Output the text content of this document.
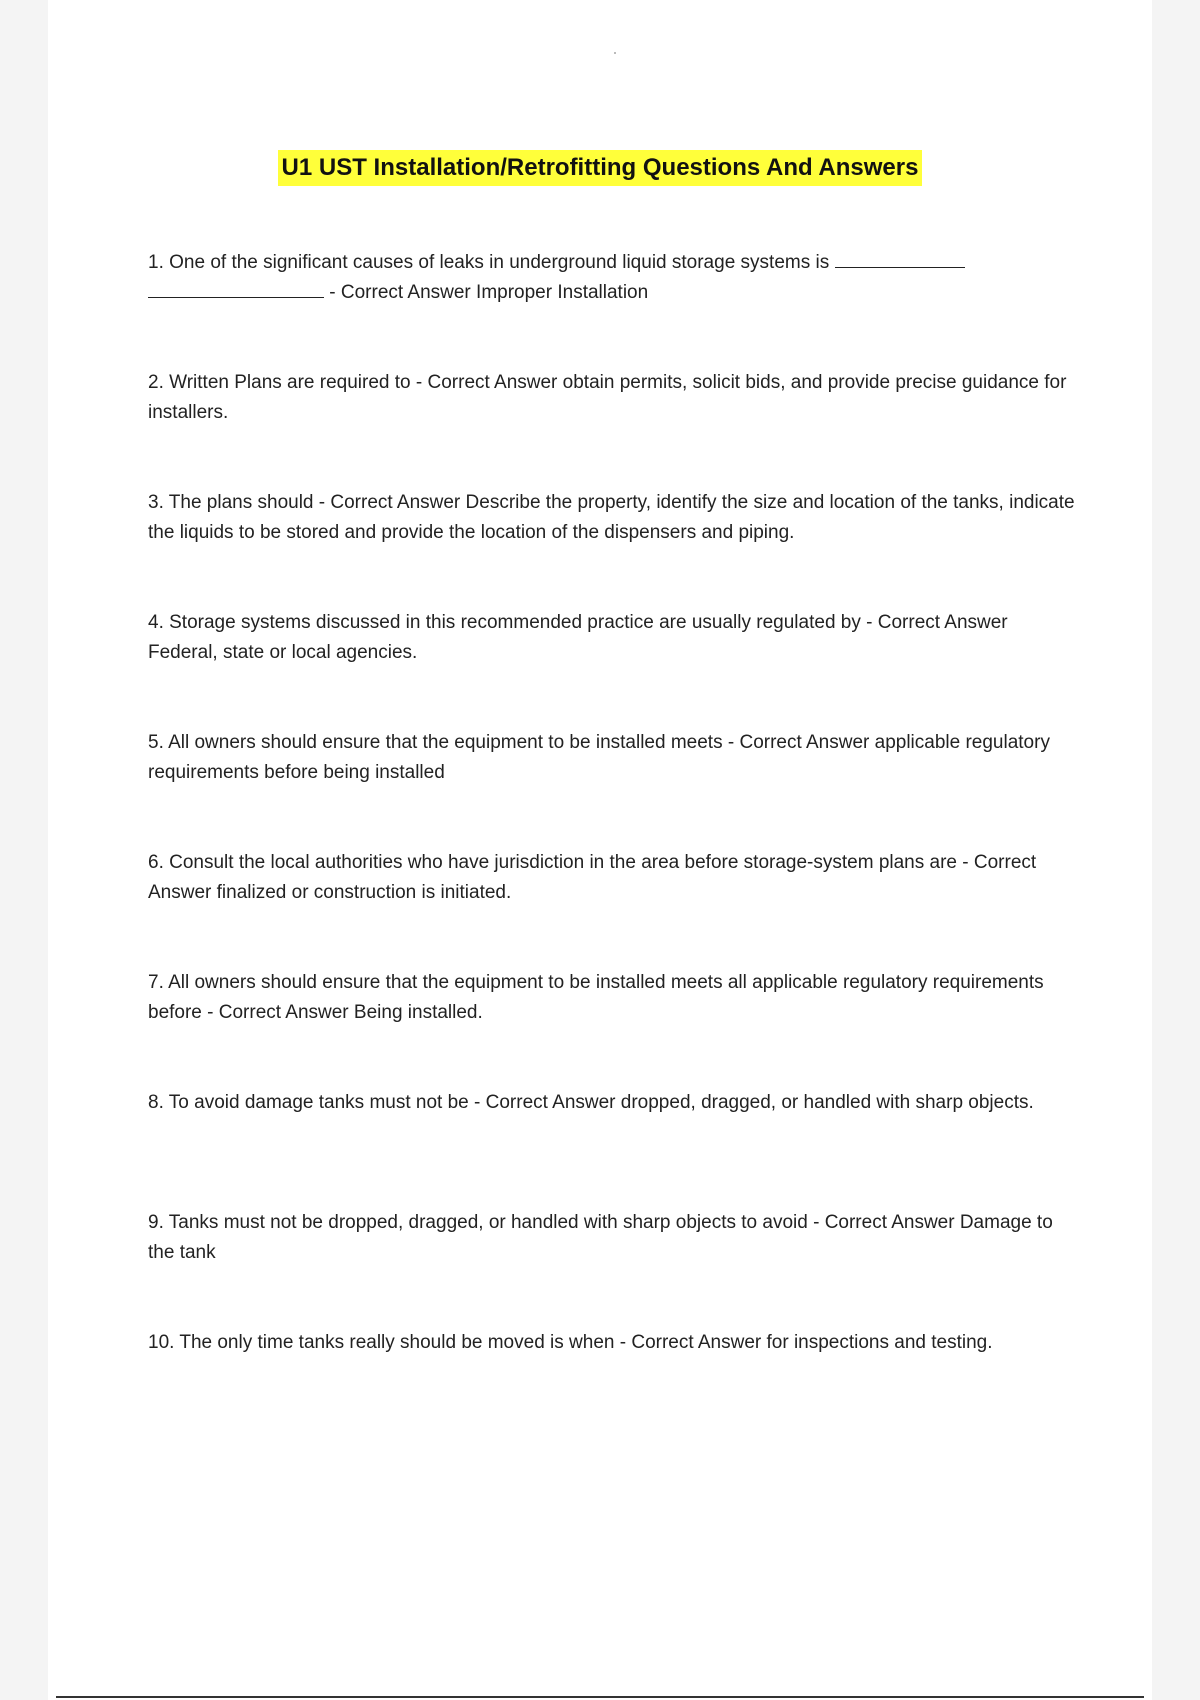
U1 UST Installation/Retrofitting Questions And Answers
1. One of the significant causes of leaks in underground liquid storage systems is
- Correct Answer Improper Installation
2. Written Plans are required to - Correct Answer obtain permits, solicit bids, and provide precise guidance for installers.
3. The plans should - Correct Answer Describe the property, identify the size and location of the tanks, indicate the liquids to be stored and provide the location of the dispensers and piping.
4. Storage systems discussed in this recommended practice are usually regulated by - Correct Answer Federal, state or local agencies.
5. All owners should ensure that the equipment to be installed meets - Correct Answer applicable regulatory requirements before being installed
6. Consult the local authorities who have jurisdiction in the area before storage-system plans are - Correct Answer finalized or construction is initiated.
7. All owners should ensure that the equipment to be installed meets all applicable regulatory requirements before - Correct Answer Being installed.
8. To avoid damage tanks must not be - Correct Answer dropped, dragged, or handled with sharp objects.
9. Tanks must not be dropped, dragged, or handled with sharp objects to avoid - Correct Answer Damage to the tank
10. The only time tanks really should be moved is when - Correct Answer for inspections and testing.
